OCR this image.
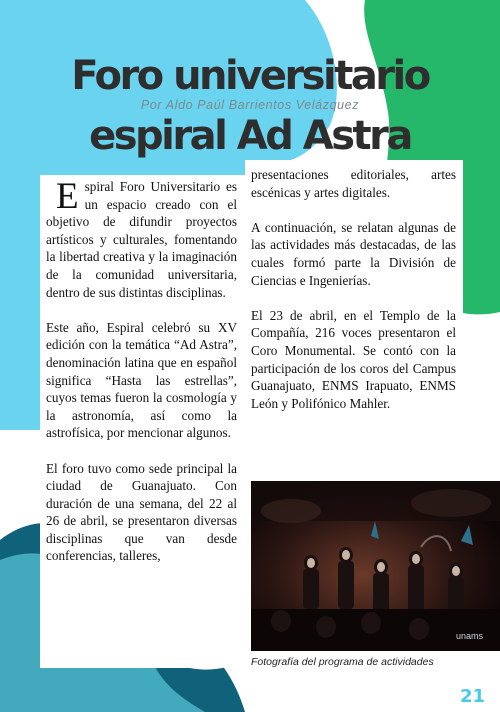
Foro universitario

Por Aldo Paúl Barrientos Velázquez

espiral Ad Astra

Espiral Foro Universitario es un espacio creado con el objetivo de difundir proyectos artísticos y culturales, fomentando la libertad creativa y la imaginación de la comunidad universitaria, dentro de sus distintas disciplinas.

Este año, Espiral celebró su XV edición con la temática “Ad Astra”, denominación latina que en español significa “Hasta las estrellas”, cuyos temas fueron la cosmología y la astronomía, así como la astrofísica, por mencionar algunos.

El foro tuvo como sede principal la ciudad de Guanajuato. Con duración de una semana, del 22 al 26 de abril, se presentaron diversas disciplinas que van desde conferencias, talleres,

presentaciones editoriales, artes escénicas y artes digitales.

A continuación, se relatan algunas de las actividades más destacadas, de las cuales formó parte la División de Ciencias e Ingenierías.

El 23 de abril, en el Templo de la Compañía, 216 voces presentaron el Coro Monumental. Se contó con la participación de los coros del Campus Guanajuato, ENMS Irapuato, ENMS León y Polifónico Mahler.

unams

Fotografía del programa de actividades

21
